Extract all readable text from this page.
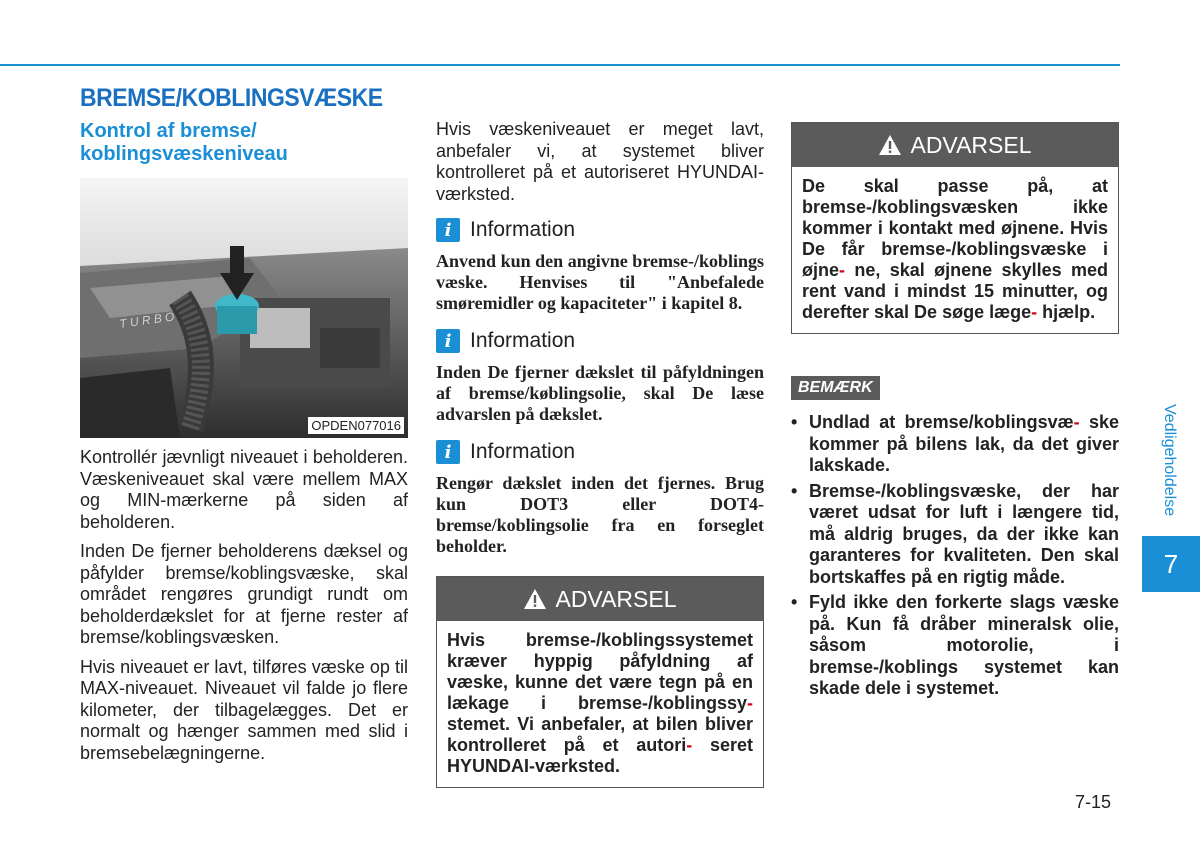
BREMSE/KOBLINGSVÆSKE
Kontrol af bremse/
koblingsvæskeniveau
T U R B O
OPDEN077016

Kontrollér jævnligt niveauet i beholderen. Væskeniveauet skal være mellem MAX og MIN-mærkerne på siden af beholderen.

Inden De fjerner beholderens dæksel og påfylder bremse/koblingsvæske, skal området rengøres grundigt rundt om beholderdækslet for at fjerne rester af bremse/koblingsvæsken.

Hvis niveauet er lavt, tilføres væske op til MAX-niveauet. Niveauet vil falde jo flere kilometer, der tilbagelægges. Det er normalt og hænger sammen med slid i bremsebelægningerne.

Hvis væskeniveauet er meget lavt, anbefaler vi, at systemet bliver kontrolleret på et autoriseret HYUNDAI-værksted.
i Information
Anvend kun den angivne bremse-/koblings væske. Henvises til "Anbefalede smøremidler og kapaciteter" i kapitel 8.
i Information
Inden De fjerner dækslet til påfyldningen af bremse/køblingsolie, skal De læse advarslen på dækslet.
i Information
Rengør dækslet inden det fjernes. Brug kun DOT3 eller DOT4- bremse/koblingsolie fra en forseglet beholder.
ADVARSEL
Hvis bremse-/koblingssystemet kræver hyppig påfyldning af væske, kunne det være tegn på en lækage i bremse-/koblingssy- stemet. Vi anbefaler, at bilen bliver kontrolleret på et autori- seret HYUNDAI-værksted.
ADVARSEL
De skal passe på, at bremse-/koblingsvæsken ikke kommer i kontakt med øjnene. Hvis De får bremse-/koblingsvæske i øjne- ne, skal øjnene skylles med rent vand i mindst 15 minutter, og derefter skal De søge læge- hjælp.
BEMÆRK
• Undlad at bremse/koblingsvæ- ske kommer på bilens lak, da det giver lakskade.
• Bremse-/koblingsvæske, der har været udsat for luft i længere tid, må aldrig bruges, da der ikke kan garanteres for kvaliteten. Den skal bortskaffes på en rigtig måde.
• Fyld ikke den forkerte slags væske på. Kun få dråber mineralsk olie, såsom motorolie, i bremse-/koblings systemet kan skade dele i systemet.
Vedligeholdelse
7
7-15
